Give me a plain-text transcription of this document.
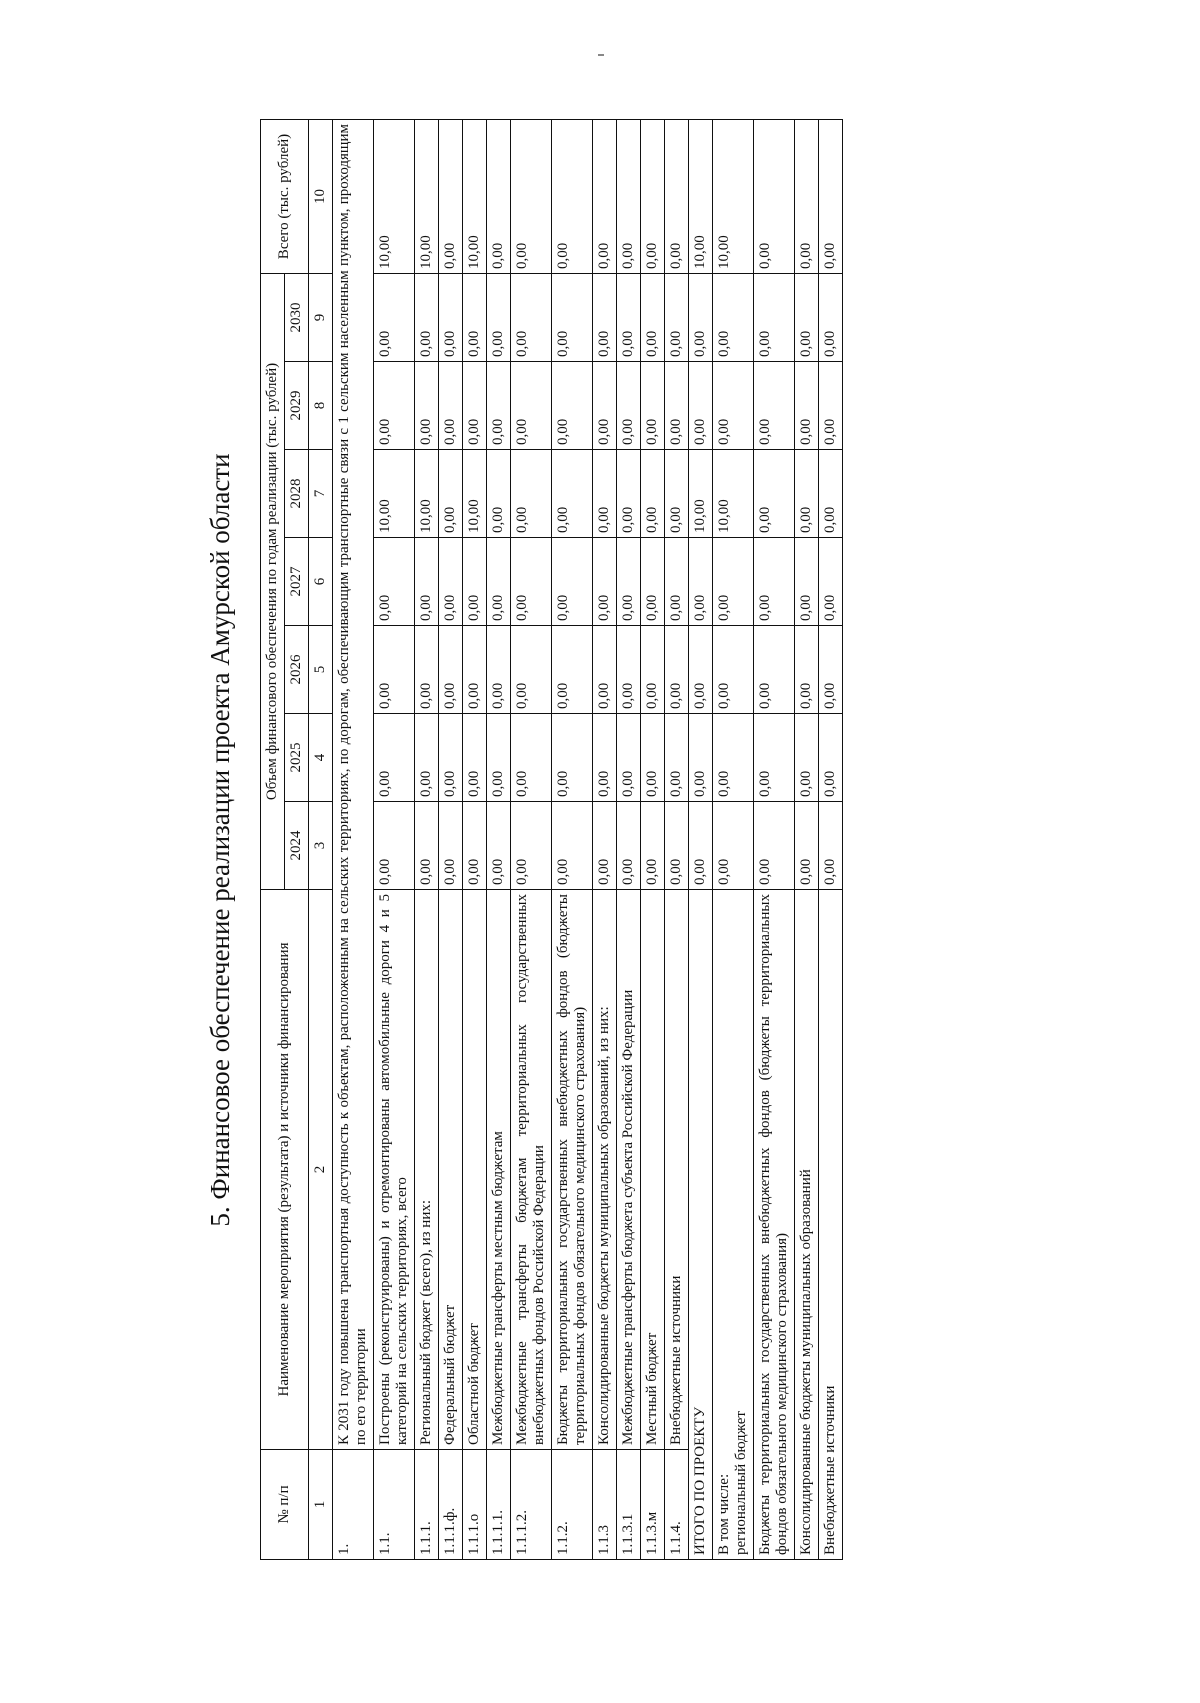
5. Финансовое обеспечение реализации проекта Амурской области
№ п/п	Наименование мероприятия (результата) и источники финансирования	Объем финансового обеспечения по годам реализации (тыс. рублей)							Всего (тыс. рублей)
		2024	2025	2026	2027	2028	2029	2030	
1	2	3	4	5	6	7	8	9	10
1.	К 2031 году повышена транспортная доступность к объектам, расположенным на сельских территориях, по дорогам, обеспечивающим транспортные связи с 1 сельским населенным пунктом, проходящим по его территории								
1.1.	Построены (реконструированы) и отремонтированы автомобильные дороги 4 и 5 категорий на сельских территориях, всего	0,00	0,00	0,00	0,00	10,00	0,00	0,00	10,00
1.1.1.	Региональный бюджет (всего), из них:	0,00	0,00	0,00	0,00	10,00	0,00	0,00	10,00
1.1.1.ф.	Федеральный бюджет	0,00	0,00	0,00	0,00	0,00	0,00	0,00	0,00
1.1.1.о	Областной бюджет	0,00	0,00	0,00	0,00	10,00	0,00	0,00	10,00
1.1.1.1.	Межбюджетные трансферты местным бюджетам	0,00	0,00	0,00	0,00	0,00	0,00	0,00	0,00
1.1.1.2.	Межбюджетные трансферты бюджетам территориальных государственных внебюджетных фондов Российской Федерации	0,00	0,00	0,00	0,00	0,00	0,00	0,00	0,00
1.1.2.	Бюджеты территориальных государственных внебюджетных фондов (бюджеты территориальных фондов обязательного медицинского страхования)	0,00	0,00	0,00	0,00	0,00	0,00	0,00	0,00
1.1.3	Консолидированные бюджеты муниципальных образований, из них:	0,00	0,00	0,00	0,00	0,00	0,00	0,00	0,00
1.1.3.1	Межбюджетные трансферты бюджета субъекта Российской Федерации	0,00	0,00	0,00	0,00	0,00	0,00	0,00	0,00
1.1.3.м	Местный бюджет	0,00	0,00	0,00	0,00	0,00	0,00	0,00	0,00
1.1.4.	Внебюджетные источники	0,00	0,00	0,00	0,00	0,00	0,00	0,00	0,00
ИТОГО ПО ПРОЕКТУ		0,00	0,00	0,00	0,00	10,00	0,00	0,00	10,00
В том числе:
региональный бюджет		0,00	0,00	0,00	0,00	10,00	0,00	0,00	10,00
Бюджеты территориальных государственных внебюджетных фондов (бюджеты территориальных фондов обязательного медицинского страхования)		0,00	0,00	0,00	0,00	0,00	0,00	0,00	0,00
Консолидированные бюджеты муниципальных образований		0,00	0,00	0,00	0,00	0,00	0,00	0,00	0,00
Внебюджетные источники		0,00	0,00	0,00	0,00	0,00	0,00	0,00	0,00
